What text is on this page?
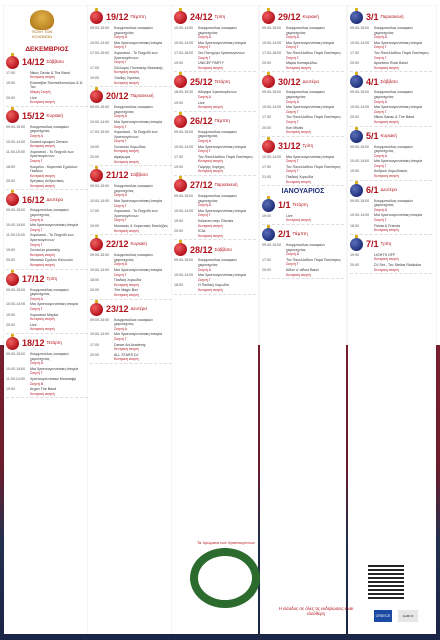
ΠΟΛΗ ΤΩΝ
ΚΟΛΩΝΩΝ
ΔΕΚΕΜΒΡΙΟΣ
14/12 Σάββατο
17:00	Νίκος Σανάκ & The Band
Κεντρική σκηνή
19:00	Ελισσάβετ Παππαδοπούλου & Ω Ταν
Μικρή Σκηνή
20:00	Live
Κεντρική σκηνή
15/12 Κυριακή
09:00-15:00	Κουρμπούλας ευκαιριών χειροτεχνίας
Σκηνή Α
10:00-14:00	Σκοπιά κρυφών Σπιτιών
Κεντρική σκηνή
11:00-15:00	Χορευτικό - Το Παιχνίδι των Χριστουγέννων
Σκηνή Γ
18:00	Κουρέλο - Κορυτσιά Σχολείων Παιδιών
Κεντρική σκηνή
20:00	Κρήτικος Ανδρονίκιος
Κεντρική σκηνή
16/12 Δευτέρα
09:00-15:00	Κουρμπούλας ευκαιριών χειροτεχνίας
Σκηνή Α
10:00-14:00	Μια Χριστουγεννιάτικη Ιστορία
Σκηνή Γ
11:00-15:00	Χορευτικό - Το Παιχνίδι των Χριστουγέννων
Σκηνή Γ
19:00	Συναυλία μουσικής
Κεντρική σκηνή
20:00	Μουσικό Σχολείο Κολωνών
Κεντρική σκηνή
17/12 Τρίτη
09:00-15:00	Κουρμπούλας ευκαιριών χειροτεχνίας
Σκηνή Α
10:00-14:00	Μια Χριστουγεννιάτικη Ιστορία
Σκηνή Γ
19:00	Χορευτικό Μαγεία
Κεντρική σκηνή
20:00	Live
Κεντρική σκηνή
18/12 Τετάρτη
09:00-15:00	Κουρμπούλας ευκαιριών χειροτεχνίας
Σκηνή Α
10:00-14:00	Μια Χριστουγεννιάτικη Ιστορία
Σκηνή Γ
11:00-14:00	Χριστουγεννιάτικα Μουσαφίρ
Σκηνή Β
19:00	Argon The Band
Κεντρική σκηνή
19/12 Πέμπτη
09:00-15:00	Κουρμπούλας ευκαιριών χειροτεχνίας
Σκηνή Α
10:00-14:00	Μια Χριστουγεννιάτικη Ιστορία
Σκηνή Γ
17:00-19:00	Χορευτικό - Το Παιχνίδι των Χριστουγέννων
Σκηνή Γ
17:00	Σύλλογος Ποντιακής Μουσικής
Κεντρική σκηνή
19:00	Ξάνθης Στράτος
Κεντρική σκηνή
20/12 Παρασκευή
09:00-15:00	Κουρμπούλας ευκαιριών χειροτεχνίας
Σκηνή Α
10:00-14:00	Μια Χριστουγεννιάτικη Ιστορία
Σκηνή Γ
17:00-19:00	Χορευτικό - Το Παιχνίδι των Χριστουγέννων
Σκηνή Γ
19:00	Συναυλία Χορωδίας
Κεντρική σκηνή
20:00	Αφιέρωμα
Κεντρική σκηνή
21/12 Σάββατο
09:00-15:00	Κουρμπούλας ευκαιριών χειροτεχνίας
Σκηνή Α
10:00-14:00	Μια Χριστουγεννιάτικη Ιστορία
Σκηνή Γ
17:00	Χορευτικό - Το Παιχνίδι των Χριστουγέννων
Σκηνή Γ
19:00	Μουσικές & Χορευτικές Εκπλήξεις
Κεντρική σκηνή
22/12 Κυριακή
09:00-15:00	Κουρμπούλας ευκαιριών χειροτεχνίας
Σκηνή Α
10:00-14:00	Μια Χριστουγεννιάτικη Ιστορία
Σκηνή Γ
18:00	Παιδική Χορωδία
Κεντρική σκηνή
20:00	The Magic Box
Κεντρική σκηνή
23/12 Δευτέρα
09:00-15:00	Κουρμπούλας ευκαιριών χειροτεχνίας
Σκηνή Α
10:00-14:00	Μια Χριστουγεννιάτικη Ιστορία
Σκηνή Γ
17:00	Dance Art Academy
Κεντρική σκηνή
20:00	ALL STARS DJ
Κεντρική σκηνή
24/12 Τρίτη
10:00-14:00	Κουρμπούλας ευκαιριών χειροτεχνίας
Σκηνή Α
10:00-14:00	Μια Χριστουγεννιάτικη Ιστορία
Σκηνή Γ
17:00-18:00	Στο Πανηγύρι Χριστουγέννων
Σκηνή Γ
19:00	UNICEF PARTY
Κεντρική σκηνή
25/12 Τετάρτη
18:00-19:30	Αδερφοί Χριστουγέννων
Σκηνή Α
19:00	Live
Κεντρική σκηνή
26/12 Πέμπτη
09:00-15:00	Κουρμπούλας ευκαιριών χειροτεχνίας
Σκηνή Α
10:00-14:00	Μια Χριστουγεννιάτικη Ιστορία
Σκηνή Γ
17:00	Τον Πανελλαδίου Παρά Ποσότητες
Κεντρική σκηνή
19:00	Γιώργης Χορίχος
Κεντρική σκηνή
27/12 Παρασκευή
09:00-15:00	Κουρμπούλας ευκαιριών χειροτεχνίας
Σκηνή Α
10:00-14:00	Μια Χριστουγεννιάτικη Ιστορία
Σκηνή Γ
19:00	Κάλαντα στην Πλατεία
Κεντρική σκηνή
20:00	ICAL
Κεντρική σκηνή
28/12 Σάββατο
09:00-15:00	Κουρμπούλας ευκαιριών χειροτεχνίας
Σκηνή Α
10:00-14:00	Μια Χριστουγεννιάτικη Ιστορία
Σκηνή Γ
18:00	Η Παιδική Χορωδία
Κεντρική σκηνή
29/12 Κυριακή
09:00-15:00	Κουρμπούλας ευκαιριών χειροτεχνίας
Σκηνή Α
10:00-14:00	Μια Χριστουγεννιάτικη Ιστορία
Σκηνή Γ
17:00-18:00	Τον Πανελλαδίου Παρά Ποσότητες
Σκηνή Γ
20:00	Μαρία Καπαρελδου
Κεντρική σκηνή
30/12 Δευτέρα
09:00-15:00	Κουρμπούλας ευκαιριών χειροτεχνίας
Σκηνή Α
10:00-14:00	Μια Χριστουγεννιάτικη Ιστορία
Σκηνή Γ
17:00	Τον Πανελλαδίου Παρά Ποσότητες
Σκηνή Γ
20:00	Kon Mirafs
Κεντρική σκηνή
31/12 Τρίτη
10:00-14:00	Μια Χριστουγεννιάτικη Ιστορία
Σκηνή Γ
17:00	Τον Πανελλαδίου Παρά Ποσότητες
Σκηνή Γ
21:00	Παιδική Χορωδία
Κεντρική σκηνή
ΙΑΝΟΥΑΡΙΟΣ
1/1 Τετάρτη
19:00	Live
Κεντρική σκηνή
2/1 Πέμπτη
09:00-15:00	Κουρμπούλας ευκαιριών χειροτεχνίας
Σκηνή Α
17:00	Τον Πανελλαδίου Παρά Ποσότητες
Σκηνή Γ
20:00	Αϊδον ο' αϊδονί Band
Κεντρική σκηνή
3/1 Παρασκευή
09:00-15:00	Κουρμπούλας ευκαιριών χειροτεχνίας
Σκηνή Α
10:00-14:00	Μια Χριστουγεννιάτικη Ιστορία
Σκηνή Γ
17:00	Τον Πανελλαδίου Παρά Ποσότητες
Σκηνή Γ
20:00	Apontecs Rock Band
Κεντρική σκηνή
4/1 Σάββατο
09:00-15:00	Κουρμπούλας ευκαιριών χειροτεχνίας
Σκηνή Α
10:00-14:00	Μια Χριστουγεννιάτικη Ιστορία
Σκηνή Γ
20:00	Nikos Sanac & The Band
Κεντρική σκηνή
5/1 Κυριακή
09:00-15:00	Κουρμπούλας ευκαιριών χειροτεχνίας
Σκηνή Α
10:00-14:00	Μια Χριστουγεννιάτικη Ιστορία
Σκηνή Γ
19:00	Ανδρικό Χορωδιακός
Κεντρική σκηνή
6/1 Δευτέρα
09:00-15:00	Κουρμπούλας ευκαιριών χειροτεχνίας
Σκηνή Α
10:00-14:00	Μια Χριστουγεννιάτικη Ιστορία
Σκηνή Γ
18:00	Fiesta & Friends
Κεντρική σκηνή
7/1 Τρίτη
19:00	LIGHTS OFF
Κεντρική σκηνή
20:00	DJ Set - Τον Stelios Rokkolos
Κεντρική σκηνή
Τα Χρώματα των Χριστουγέννων
Η είσοδος σε όλες τις εκδηλώσεις είναι ελεύθερη	GREECE	ΔΗΜΟΣ
